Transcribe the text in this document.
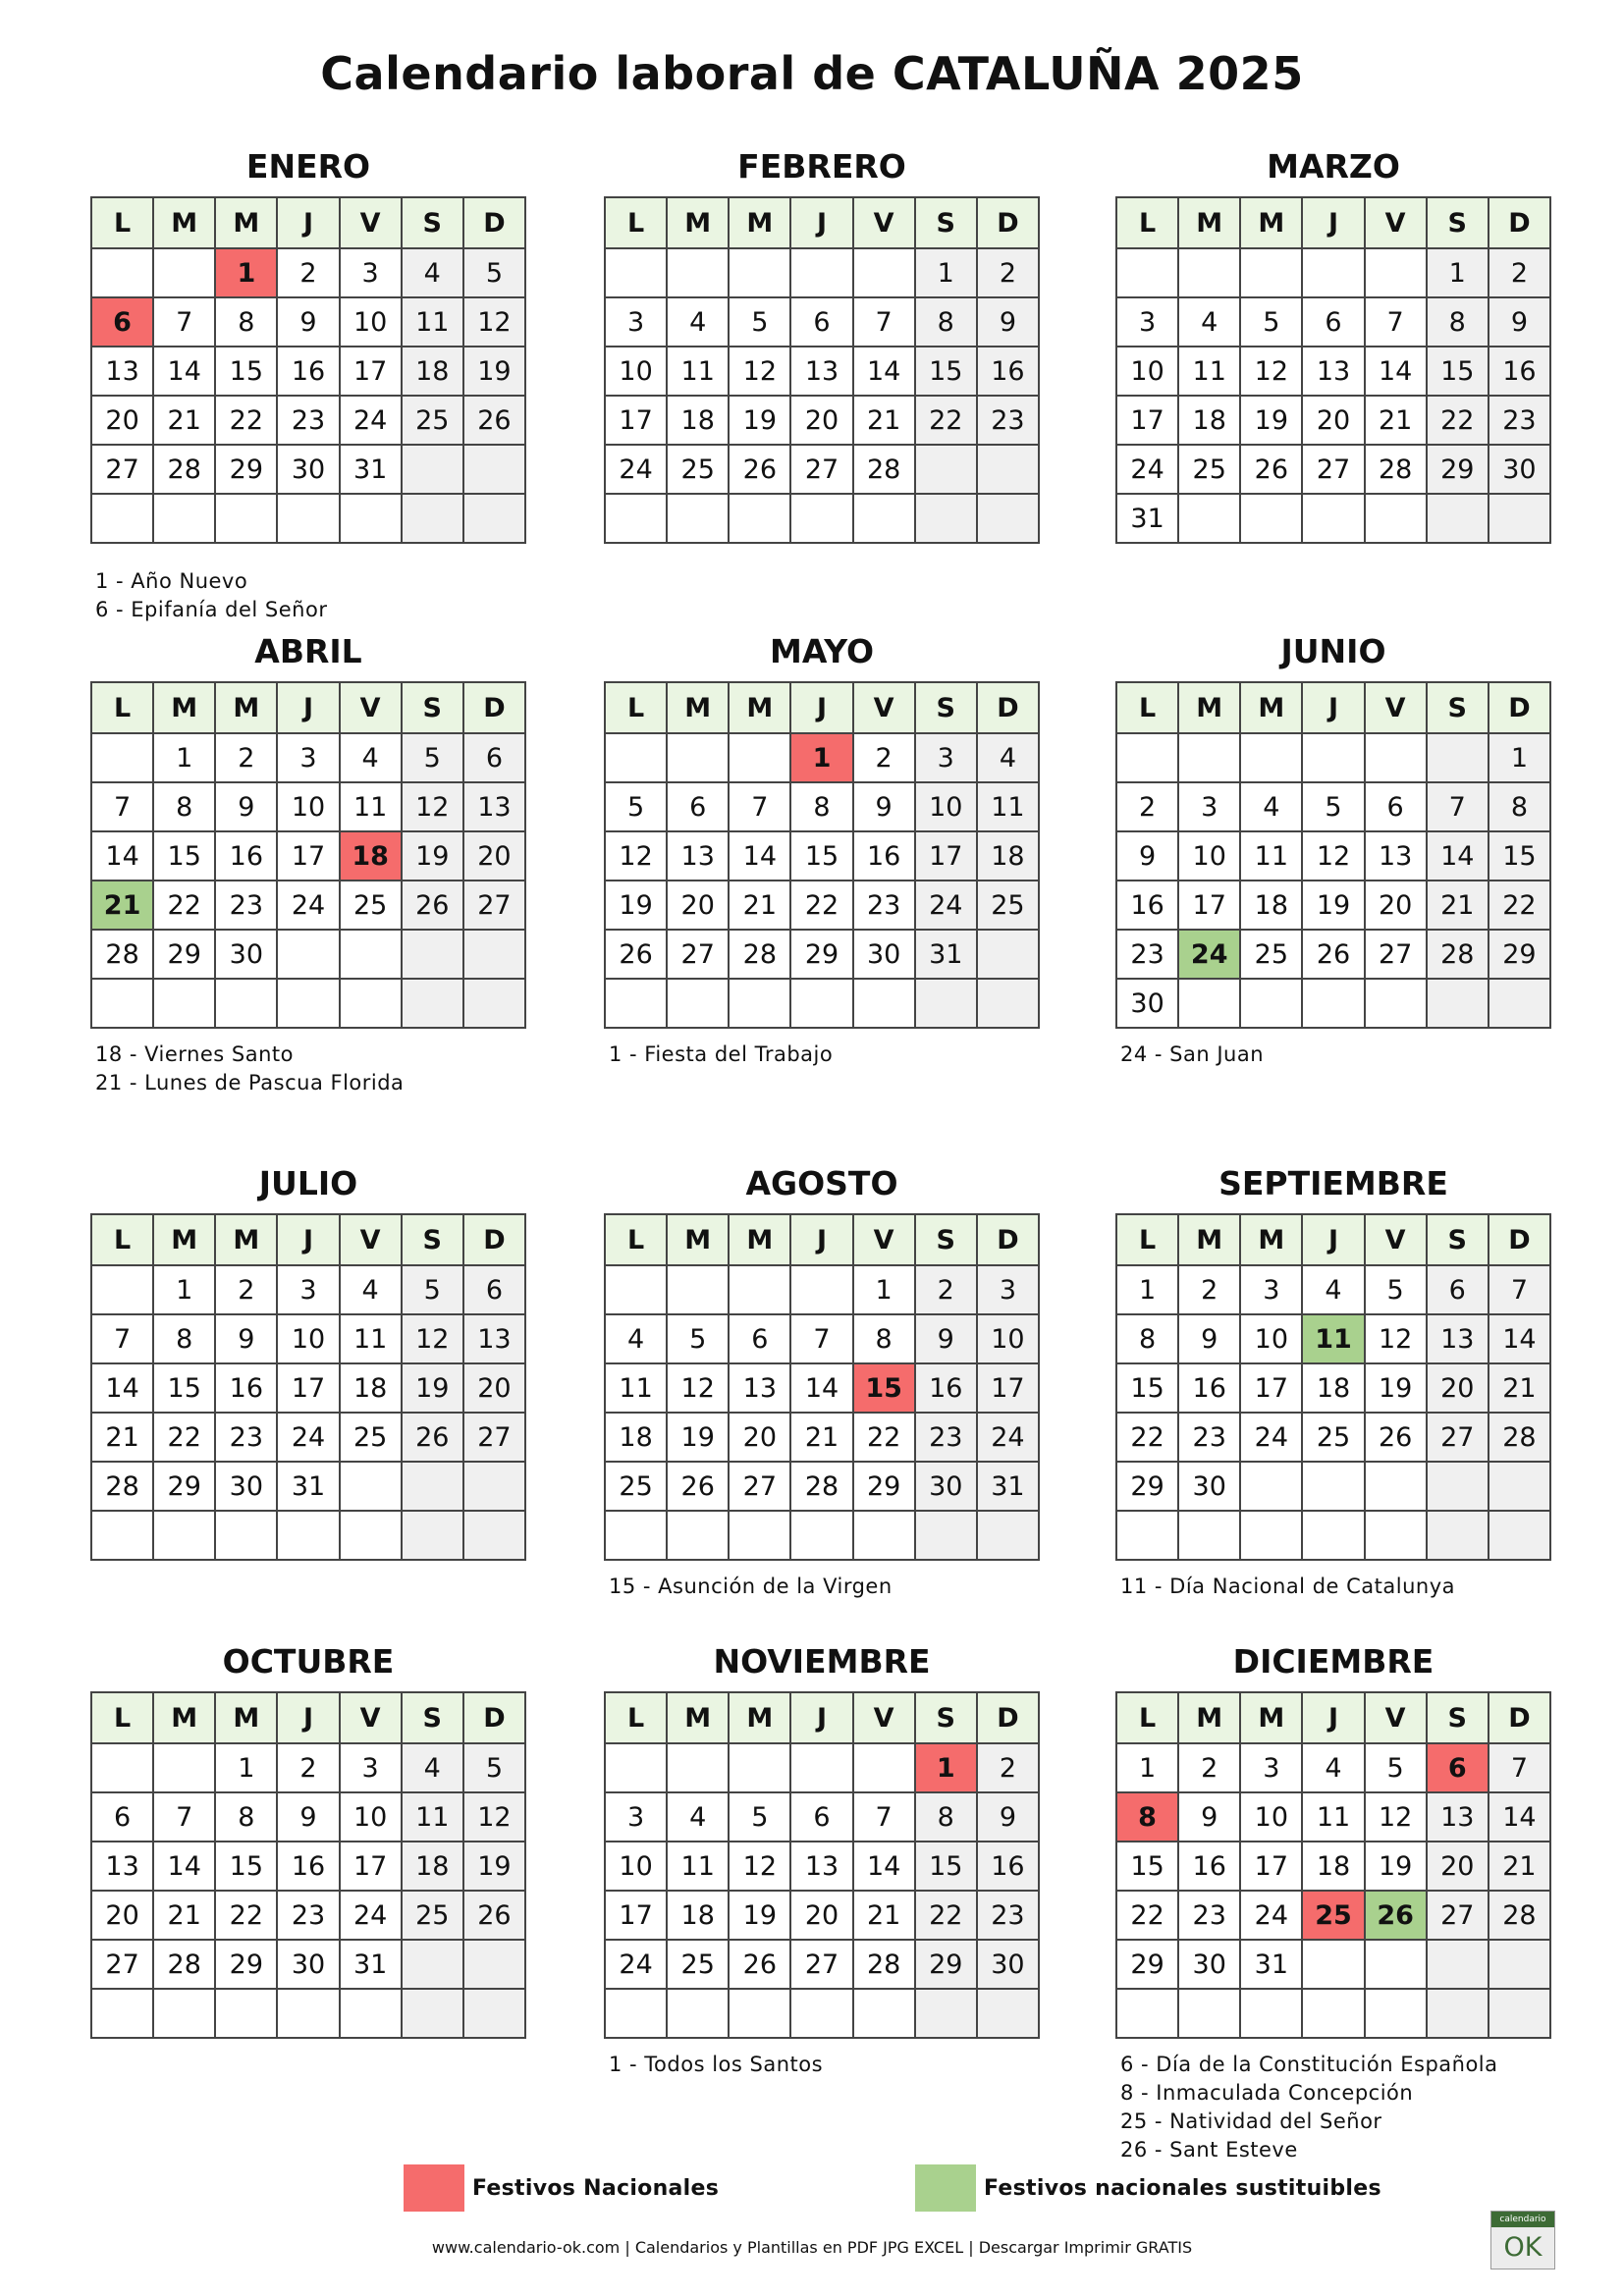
Calendario laboral de CATALUÑA 2025
ENERO
L	M	M	J	V	S	D
		1	2	3	4	5
6	7	8	9	10	11	12
13	14	15	16	17	18	19
20	21	22	23	24	25	26
27	28	29	30	31		

1 - Año Nuevo
6 - Epifanía del Señor
FEBRERO
L	M	M	J	V	S	D
					1	2
3	4	5	6	7	8	9
10	11	12	13	14	15	16
17	18	19	20	21	22	23
24	25	26	27	28		

MARZO
L	M	M	J	V	S	D
					1	2
3	4	5	6	7	8	9
10	11	12	13	14	15	16
17	18	19	20	21	22	23
24	25	26	27	28	29	30
31						
ABRIL
L	M	M	J	V	S	D
	1	2	3	4	5	6
7	8	9	10	11	12	13
14	15	16	17	18	19	20
21	22	23	24	25	26	27
28	29	30				

18 - Viernes Santo
21 - Lunes de Pascua Florida
MAYO
L	M	M	J	V	S	D
			1	2	3	4
5	6	7	8	9	10	11
12	13	14	15	16	17	18
19	20	21	22	23	24	25
26	27	28	29	30	31	

1 - Fiesta del Trabajo
JUNIO
L	M	M	J	V	S	D
						1
2	3	4	5	6	7	8
9	10	11	12	13	14	15
16	17	18	19	20	21	22
23	24	25	26	27	28	29
30						
24 - San Juan
JULIO
L	M	M	J	V	S	D
	1	2	3	4	5	6
7	8	9	10	11	12	13
14	15	16	17	18	19	20
21	22	23	24	25	26	27
28	29	30	31			

AGOSTO
L	M	M	J	V	S	D
				1	2	3
4	5	6	7	8	9	10
11	12	13	14	15	16	17
18	19	20	21	22	23	24
25	26	27	28	29	30	31

15 - Asunción de la Virgen
SEPTIEMBRE
L	M	M	J	V	S	D
1	2	3	4	5	6	7
8	9	10	11	12	13	14
15	16	17	18	19	20	21
22	23	24	25	26	27	28
29	30					

11 - Día Nacional de Catalunya
OCTUBRE
L	M	M	J	V	S	D
		1	2	3	4	5
6	7	8	9	10	11	12
13	14	15	16	17	18	19
20	21	22	23	24	25	26
27	28	29	30	31		

NOVIEMBRE
L	M	M	J	V	S	D
					1	2
3	4	5	6	7	8	9
10	11	12	13	14	15	16
17	18	19	20	21	22	23
24	25	26	27	28	29	30

1 - Todos los Santos
DICIEMBRE
L	M	M	J	V	S	D
1	2	3	4	5	6	7
8	9	10	11	12	13	14
15	16	17	18	19	20	21
22	23	24	25	26	27	28
29	30	31				

6 - Día de la Constitución Española
8 - Inmaculada Concepción
25 - Natividad del Señor
26 - Sant Esteve
Festivos Nacionales	Festivos nacionales sustituibles
www.calendario-ok.com | Calendarios y Plantillas en PDF JPG EXCEL | Descargar Imprimir GRATIS
calendario
OK
